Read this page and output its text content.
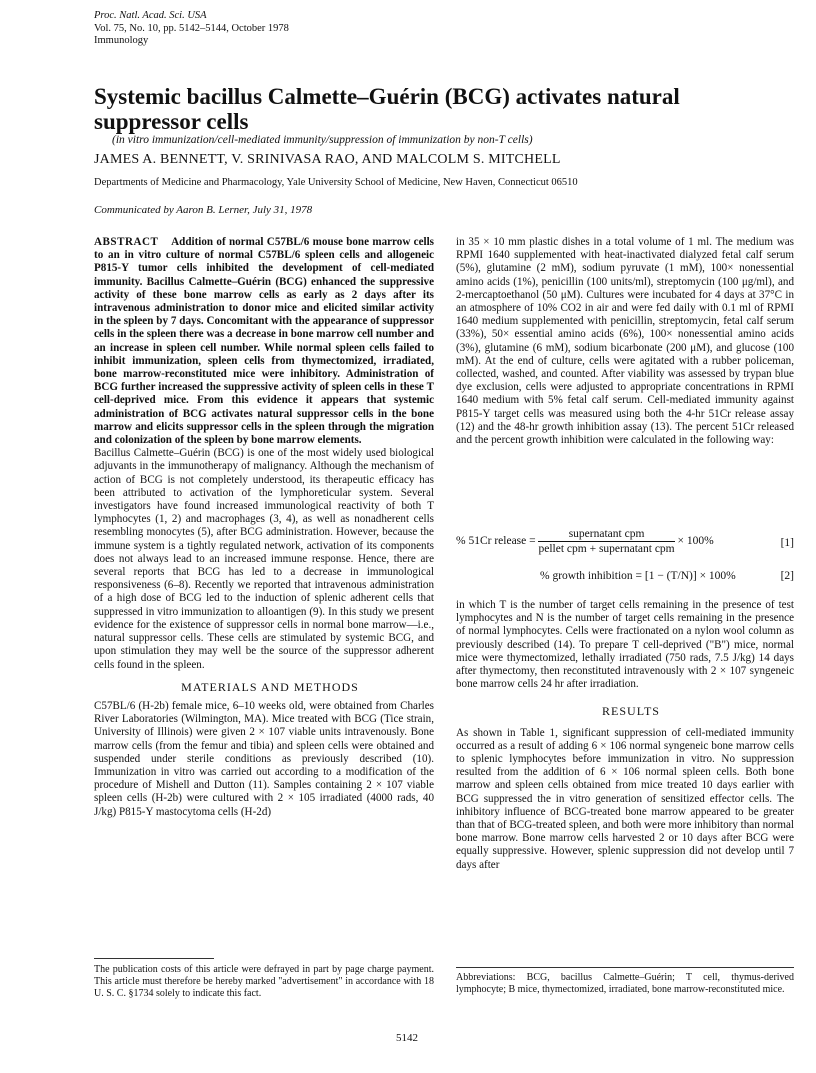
Proc. Natl. Acad. Sci. USA
Vol. 75, No. 10, pp. 5142–5144, October 1978
Immunology
Systemic bacillus Calmette–Guérin (BCG) activates natural suppressor cells
(in vitro immunization/cell-mediated immunity/suppression of immunization by non-T cells)
JAMES A. BENNETT, V. SRINIVASA RAO, AND MALCOLM S. MITCHELL
Departments of Medicine and Pharmacology, Yale University School of Medicine, New Haven, Connecticut 06510
Communicated by Aaron B. Lerner, July 31, 1978

ABSTRACT Addition of normal C57BL/6 mouse bone marrow cells to an in vitro culture of normal C57BL/6 spleen cells and allogeneic P815-Y tumor cells inhibited the development of cell-mediated immunity. Bacillus Calmette–Guérin (BCG) enhanced the suppressive activity of these bone marrow cells as early as 2 days after its intravenous administration to donor mice and elicited similar activity in the spleen by 7 days. Concomitant with the appearance of suppressor cells in the spleen there was a decrease in bone marrow cell number and an increase in spleen cell number. While normal spleen cells failed to inhibit immunization, spleen cells from thymectomized, irradiated, bone marrow-reconstituted mice were inhibitory. Administration of BCG further increased the suppressive activity of spleen cells in these T cell-deprived mice. From this evidence it appears that systemic administration of BCG activates natural suppressor cells in the bone marrow and elicits suppressor cells in the spleen through the migration and colonization of the spleen by bone marrow elements.

Bacillus Calmette–Guérin (BCG) is one of the most widely used biological adjuvants in the immunotherapy of malignancy. Although the mechanism of action of BCG is not completely understood, its therapeutic efficacy has been attributed to activation of the lymphoreticular system. Several investigators have found increased immunological reactivity of both T lymphocytes (1, 2) and macrophages (3, 4), as well as nonadherent cells resembling monocytes (5), after BCG administration. However, because the immune system is a tightly regulated network, activation of its components does not always lead to an increased immune response. Hence, there are several reports that BCG has led to a decrease in immunological responsiveness (6–8). Recently we reported that intravenous administration of a high dose of BCG led to the induction of splenic adherent cells that suppressed in vitro immunization to alloantigen (9). In this study we present evidence for the existence of suppressor cells in normal bone marrow—i.e., natural suppressor cells. These cells are stimulated by systemic BCG, and upon stimulation they may well be the source of the suppressor adherent cells found in the spleen.

MATERIALS AND METHODS

C57BL/6 (H-2b) female mice, 6–10 weeks old, were obtained from Charles River Laboratories (Wilmington, MA). Mice treated with BCG (Tice strain, University of Illinois) were given 2 × 107 viable units intravenously. Bone marrow cells (from the femur and tibia) and spleen cells were obtained and suspended under sterile conditions as previously described (10). Immunization in vitro was carried out according to a modification of the procedure of Mishell and Dutton (11). Samples containing 2 × 107 viable spleen cells (H-2b) were cultured with 2 × 105 irradiated (4000 rads, 40 J/kg) P815-Y mastocytoma cells (H-2d)

The publication costs of this article were defrayed in part by page charge payment. This article must therefore be hereby marked "advertisement" in accordance with 18 U. S. C. §1734 solely to indicate this fact.

in 35 × 10 mm plastic dishes in a total volume of 1 ml. The medium was RPMI 1640 supplemented with heat-inactivated dialyzed fetal calf serum (5%), glutamine (2 mM), sodium pyruvate (1 mM), 100× nonessential amino acids (1%), penicillin (100 units/ml), streptomycin (100 μg/ml), and 2-mercaptoethanol (50 μM). Cultures were incubated for 4 days at 37°C in an atmosphere of 10% CO2 in air and were fed daily with 0.1 ml of RPMI 1640 medium supplemented with penicillin, streptomycin, fetal calf serum (33%), 50× essential amino acids (6%), 100× nonessential amino acids (3%), glutamine (6 mM), sodium bicarbonate (200 μM), and glucose (100 mM). At the end of culture, cells were agitated with a rubber policeman, collected, washed, and counted. After viability was assessed by trypan blue dye exclusion, cells were adjusted to appropriate concentrations in RPMI 1640 medium with 5% fetal calf serum. Cell-mediated immunity against P815-Y target cells was measured using both the 4-hr 51Cr release assay (12) and the 48-hr growth inhibition assay (13). The percent 51Cr released and the percent growth inhibition were calculated in the following way:

% 51Cr release = $\frac{\text{supernatant cpm}}{\text{pellet cpm + supernatant cpm}} \times 100\%$	[1]
% growth inhibition = [1 − (T/N)] × 100%	[2]

in which T is the number of target cells remaining in the presence of test lymphocytes and N is the number of target cells remaining in the presence of normal lymphocytes. Cells were fractionated on a nylon wool column as previously described (14). To prepare T cell-deprived ("B") mice, normal mice were thymectomized, lethally irradiated (750 rads, 7.5 J/kg) 14 days after thymectomy, then reconstituted intravenously with 2 × 107 syngeneic bone marrow cells 24 hr after irradiation.

RESULTS

As shown in Table 1, significant suppression of cell-mediated immunity occurred as a result of adding 6 × 106 normal syngeneic bone marrow cells to splenic lymphocytes before immunization in vitro. No suppression resulted from the addition of 6 × 106 normal spleen cells. Both bone marrow and spleen cells obtained from mice treated 10 days earlier with BCG suppressed the in vitro generation of sensitized effector cells. The inhibitory influence of BCG-treated bone marrow appeared to be greater than that of BCG-treated spleen, and both were more inhibitory than normal bone marrow. Bone marrow cells harvested 2 or 10 days after BCG were equally suppressive. However, splenic suppression did not develop until 7 days after

Abbreviations: BCG, bacillus Calmette–Guérin; T cell, thymus-derived lymphocyte; B mice, thymectomized, irradiated, bone marrow-reconstituted mice.
5142
